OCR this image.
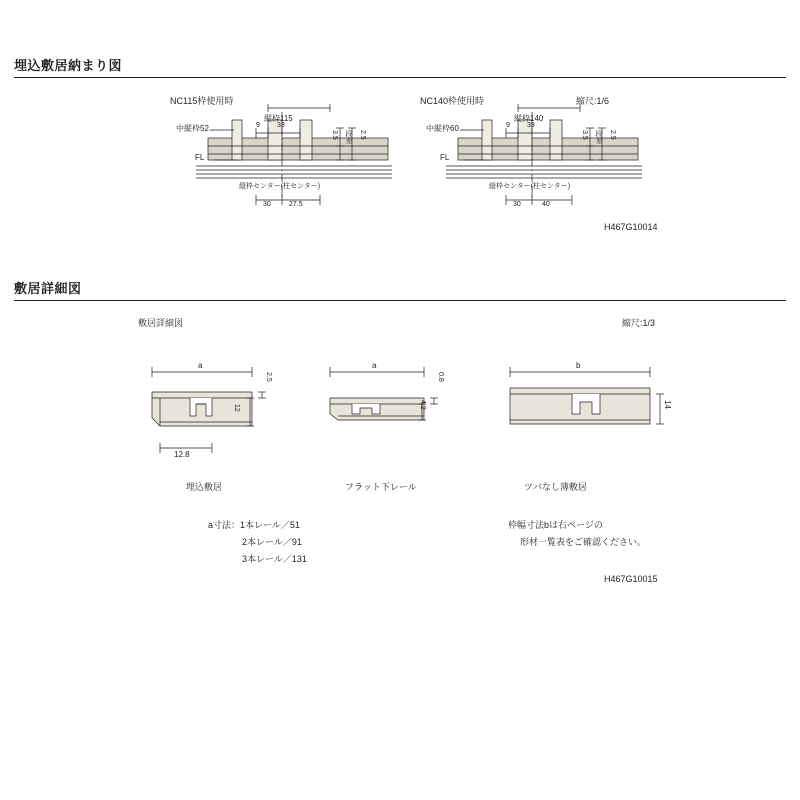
埋込敷居納まり図
NC115枠使用時
縦枠115
中縦枠52	9 33
3.5	2.5
段差
FL
縦枠センター(柱センター)
30	27.5
NC140枠使用時
縦枠140
中縦枠60	9 33
3.5	2.5
段差
FL
縦枠センター(柱センター)
30	40
縮尺:1/6
H467G10014
敷居詳細図
敷居詳細図	縮尺:1/3
a
2.5
12
12.8
埋込敷居
a
0.8
4.2
フラット下レール
b
14
ツバなし薄敷居
a寸法：1本レール／51
2本レール／91
3本レール／131
枠幅寸法bは右ページの
形材一覧表をご確認ください。
H467G10015
